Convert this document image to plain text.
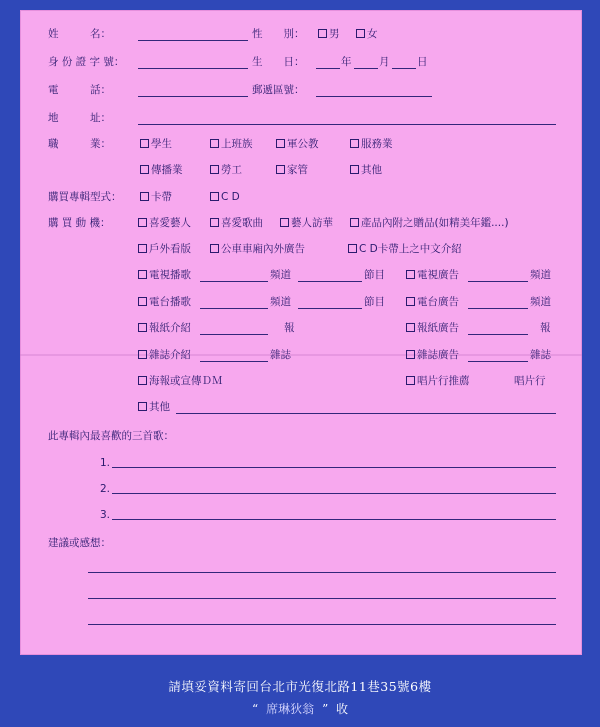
姓　　　名：	性　　別：	男	女
身 份 證 字 號：	生　　日：	年	月	日
電　　　話：	郵遞區號：
地　　　址：
職　　　業：	學生	上班族	軍公教	服務業
傳播業	勞工	家管	其他
購買專輯型式：	卡帶	C D
購 買 動 機：	喜愛藝人	喜愛歌曲	藝人訪華	產品內附之贈品(如精美年鑑....)
戶外看版	公車車廂內外廣告	C D卡帶上之中文介紹
電視播歌	頻道	節目	電視廣告	頻道
電台播歌	頻道	節目	電台廣告	頻道
報紙介紹	報	報紙廣告	報
雜誌介紹	雜誌	雜誌廣告	雜誌
海報或宣傳ＤＭ	唱片行推薦	唱片行
其他
此專輯內最喜歡的三首歌：
1.
2.
3.
建議或感想：
請填妥資料寄回台北市光復北路11巷35號6樓
“ 席琳狄翁 ” 收
